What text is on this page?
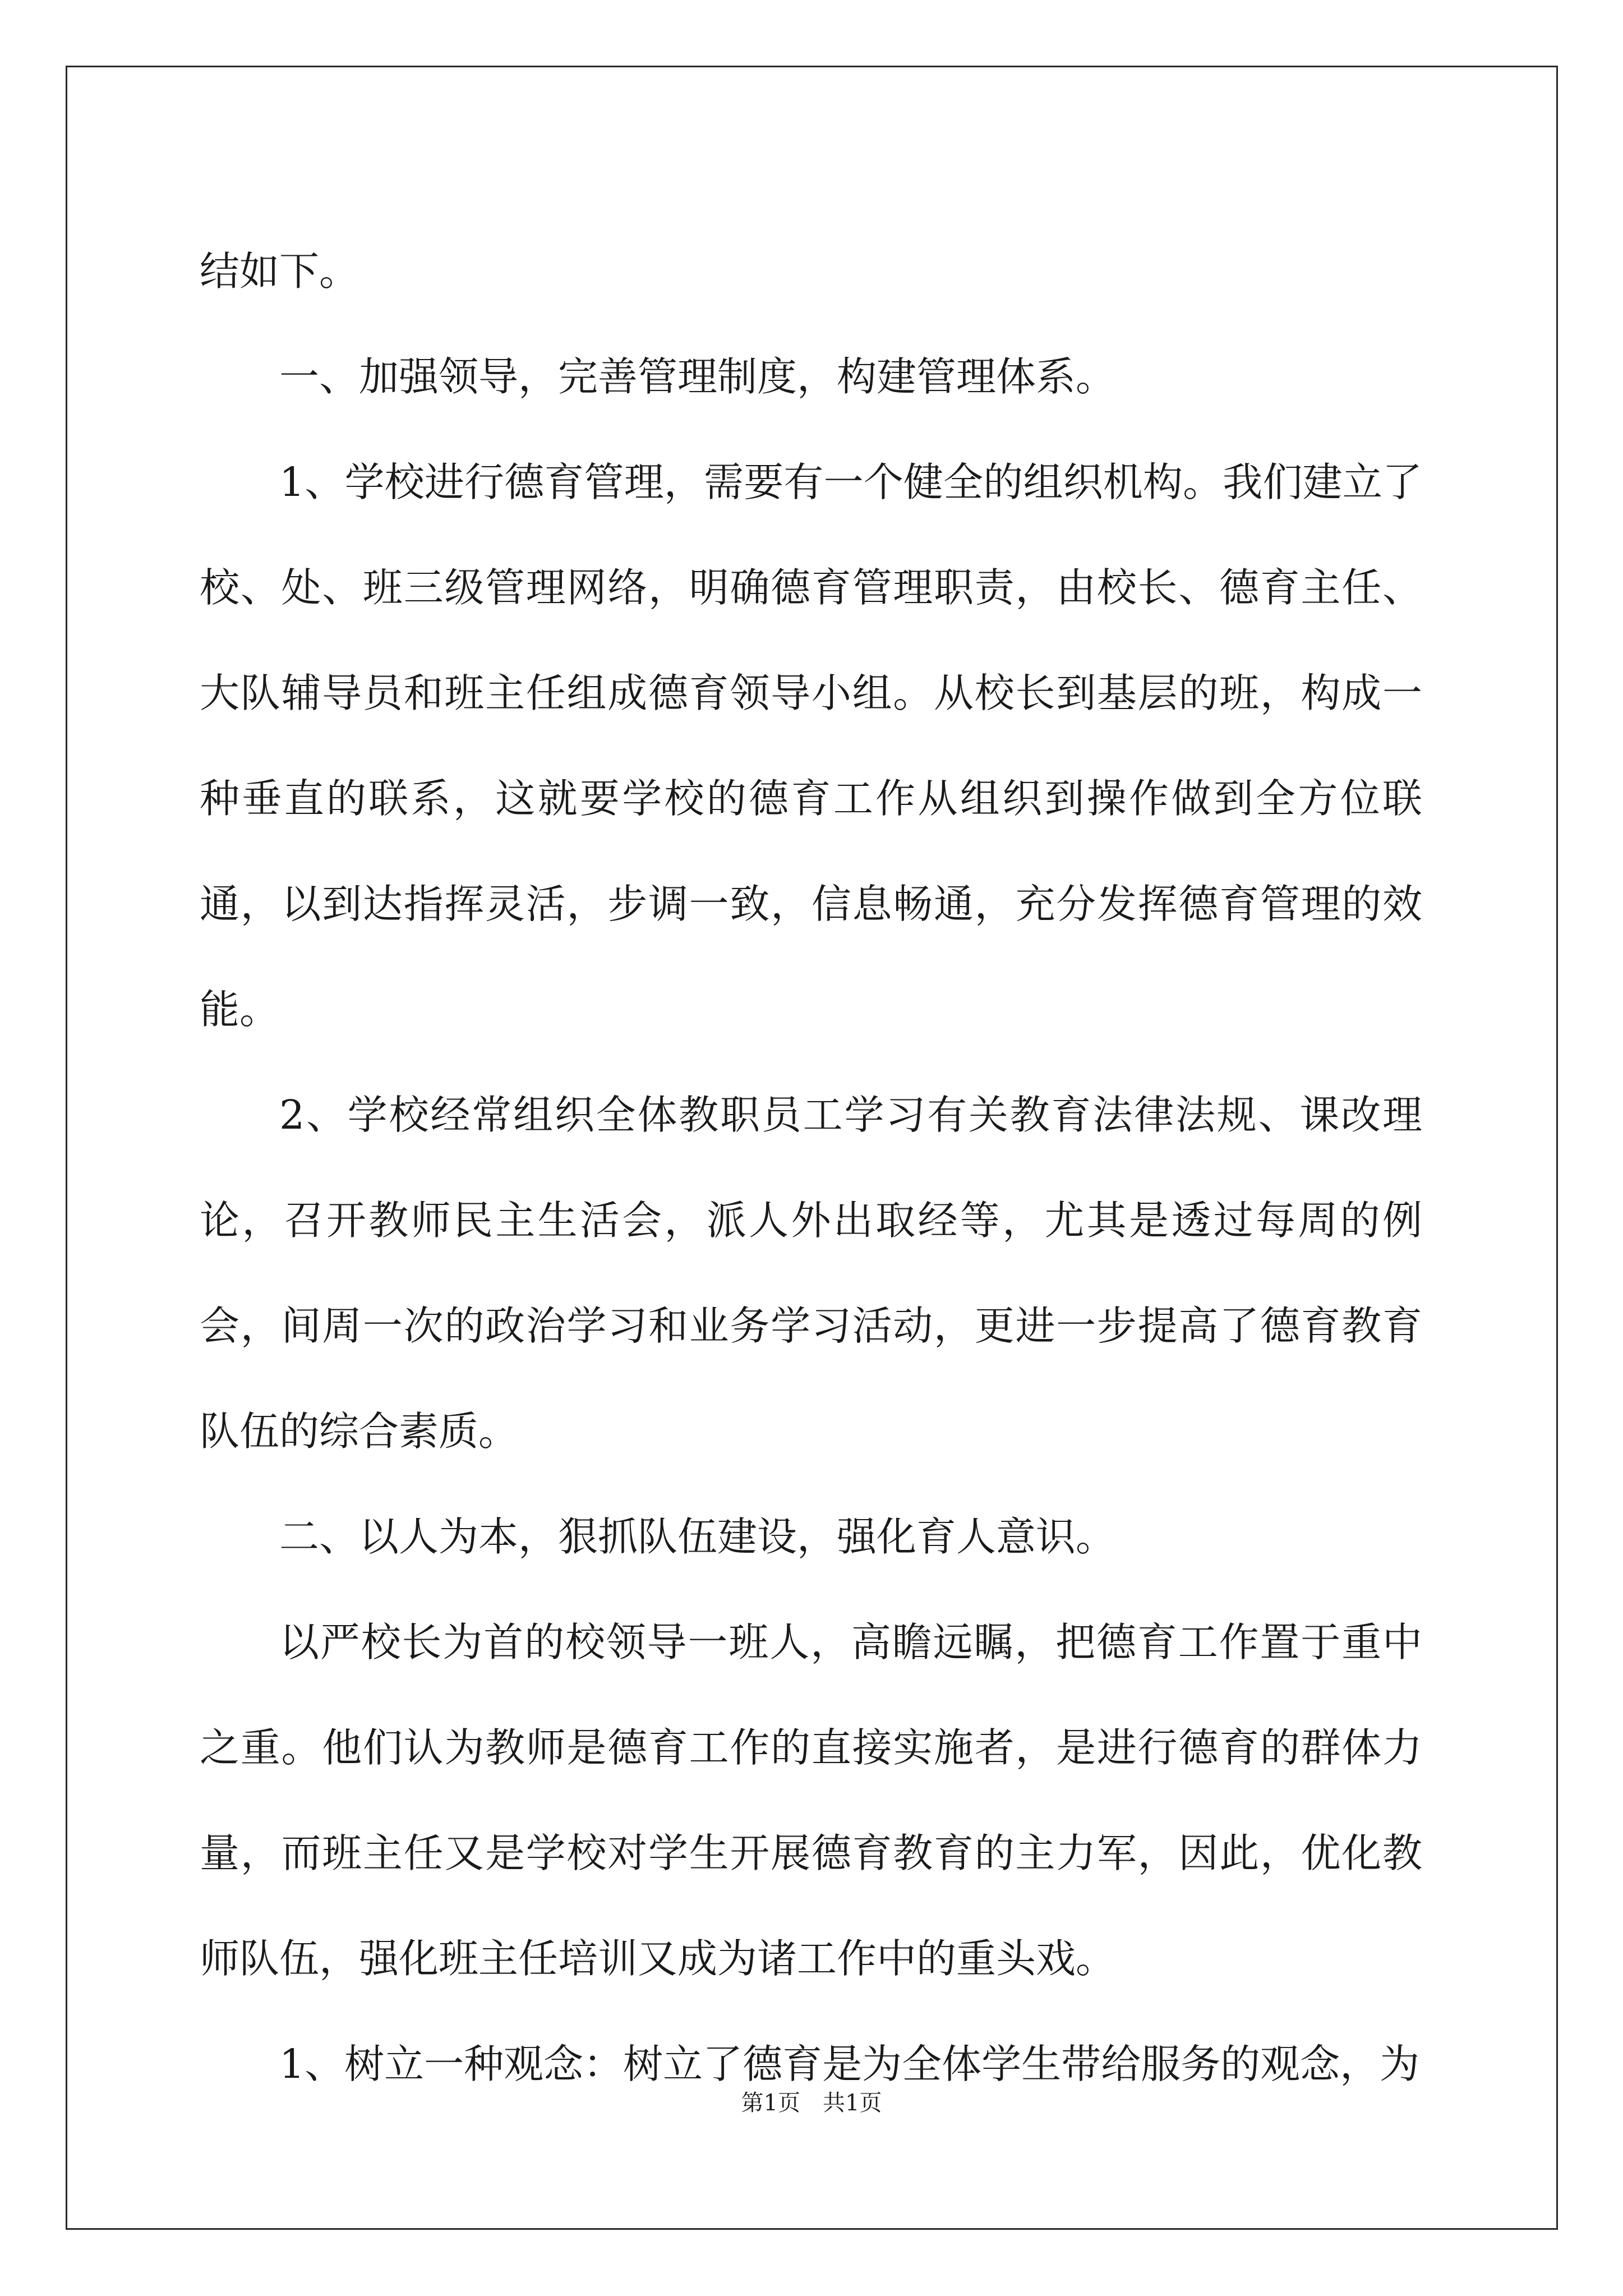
结如下。

一、加强领导，完善管理制度，构建管理体系。

1、学校进行德育管理，需要有一个健全的组织机构。我们建立了校、处、班三级管理网络，明确德育管理职责，由校长、德育主任、大队辅导员和班主任组成德育领导小组。从校长到基层的班，构成一种垂直的联系，这就要学校的德育工作从组织到操作做到全方位联通，以到达指挥灵活，步调一致，信息畅通，充分发挥德育管理的效能。

2、学校经常组织全体教职员工学习有关教育法律法规、课改理论，召开教师民主生活会，派人外出取经等，尤其是透过每周的例会，间周一次的政治学习和业务学习活动，更进一步提高了德育教育队伍的综合素质。

二、以人为本，狠抓队伍建设，强化育人意识。

以严校长为首的校领导一班人，高瞻远瞩，把德育工作置于重中之重。他们认为教师是德育工作的直接实施者，是进行德育的群体力量，而班主任又是学校对学生开展德育教育的主力军，因此，优化教师队伍，强化班主任培训又成为诸工作中的重头戏。

1、树立一种观念：树立了德育是为全体学生带给服务的观念，为

第1页　共1页
